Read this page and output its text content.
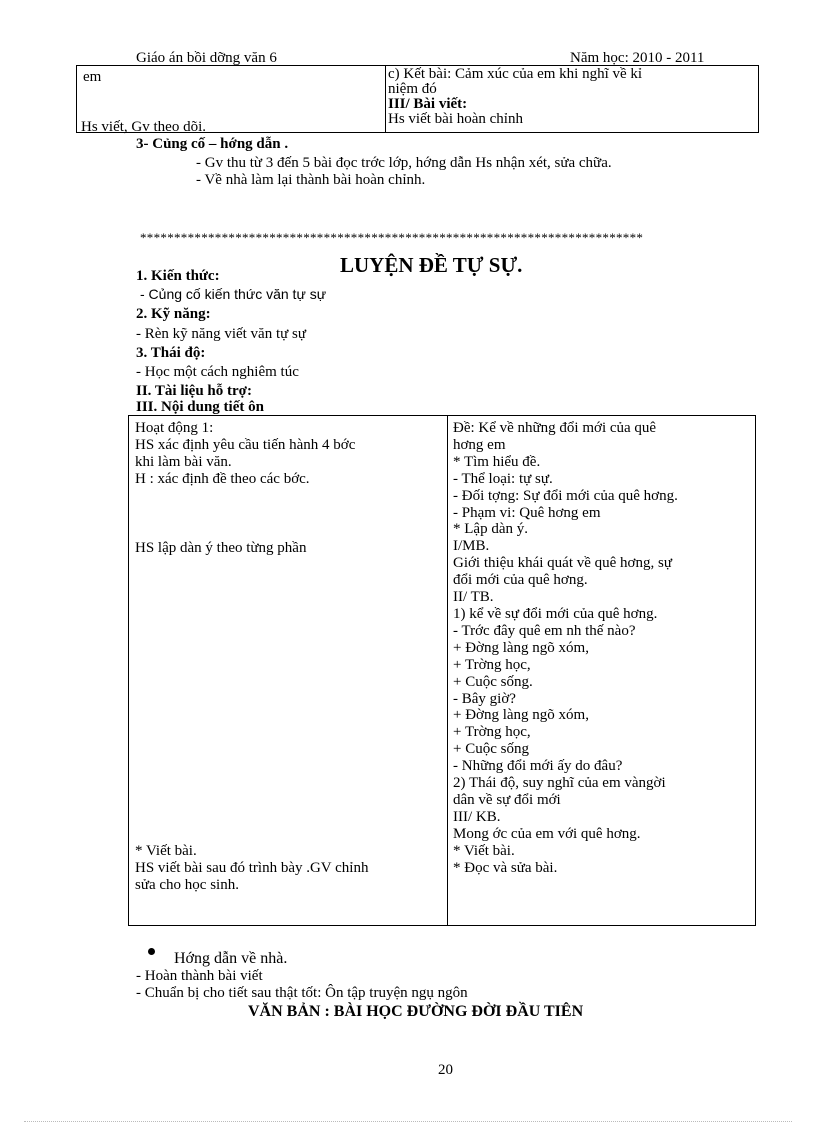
Giáo án bồi dỡng văn 6	Năm học: 2010 - 2011
em
Hs viết, Gv theo dõi.
c) Kết bài: Cảm xúc của em khi nghĩ về kỉ
niệm đó
III/ Bài viết:
Hs viết bài hoàn chỉnh
3- Củng cố – hớng dẫn .
- Gv thu từ 3 đến 5 bài đọc trớc lớp, hớng dẫn Hs nhận xét, sửa chữa.
- Về nhà làm lại thành bài hoàn chỉnh.
**************************************************************************
LUYỆN ĐỀ TỰ SỰ.
1. Kiến thức:
- Củng cố kiến thức văn tự sự
2. Kỹ năng:
- Rèn kỹ năng viết văn tự sự
3. Thái độ:
- Học một cách nghiêm túc
II. Tài liệu hỗ trợ:
III. Nội dung tiết ôn
Hoạt động 1:
HS xác định yêu cầu tiến hành 4 bớc
khi làm bài văn.
H : xác định đề theo các bớc.
HS lập dàn ý theo từng phần
* Viết bài.
HS viết bài sau đó trình bày .GV chỉnh
sửa cho học sinh.
Đề: Kể về những đổi mới của quê
hơng em
* Tìm hiểu đề.
- Thể loại: tự sự.
- Đối tợng: Sự đổi mới của quê hơng.
- Phạm vi: Quê hơng em
* Lập dàn ý.
I/MB.
Giới thiệu khái quát về quê hơng, sự
đổi mới của quê hơng.
II/ TB.
1) kể về sự đổi mới của quê hơng.
- Trớc đây quê em nh thế nào?
+ Đờng làng ngõ xóm,
+ Trờng học,
+ Cuộc sống.
- Bây giờ?
+ Đờng làng ngõ xóm,
+ Trờng học,
+ Cuộc sống
- Những đổi mới ấy do đâu?
2) Thái độ, suy nghĩ của em vàngời
dân về sự đổi mới
III/ KB.
Mong ớc của em với quê hơng.
* Viết bài.
* Đọc và sửa bài.
Hớng dẫn về nhà.
- Hoàn thành bài viết
- Chuẩn bị cho tiết sau thật tốt: Ôn tập truyện ngụ ngôn
VĂN BẢN : BÀI HỌC ĐƯỜNG ĐỜI ĐẦU TIÊN
20
